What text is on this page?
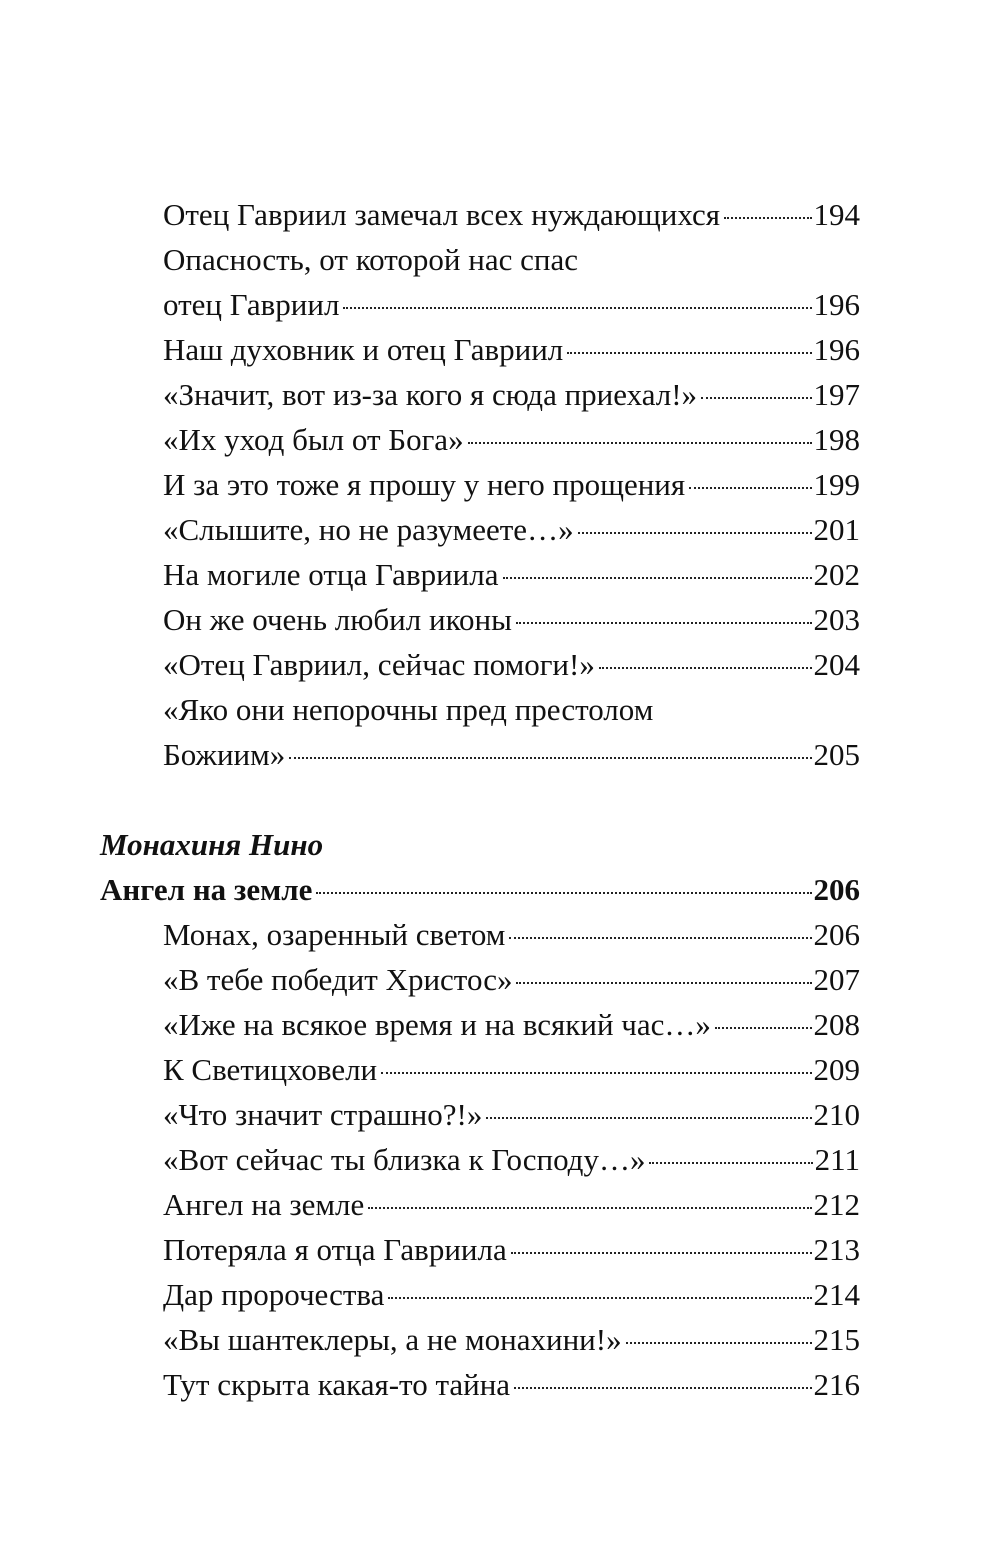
Отец Гавриил замечал всех нуждающихся	194
Опасность, от которой нас спас
отец Гавриил	196
Наш духовник и отец Гавриил	196
«Значит, вот из-за кого я сюда приехал!»	197
«Их уход был от Бога»	198
И за это тоже я прошу у него прощения	199
«Слышите, но не разумеете…»	201
На могиле отца Гавриила	202
Он же очень любил иконы	203
«Отец Гавриил, сейчас помоги!»	204
«Яко они непорочны пред престолом
Божиим»	205
Монахиня Нино
Ангел на земле	206
Монах, озаренный светом	206
«В тебе победит Христос»	207
«Иже на всякое время и на всякий час…»	208
К Светицховели	209
«Что значит страшно?!»	210
«Вот сейчас ты близка к Господу…»	211
Ангел на земле	212
Потеряла я отца Гавриила	213
Дар пророчества	214
«Вы шантеклеры, а не монахини!»	215
Тут скрыта какая-то тайна	216
